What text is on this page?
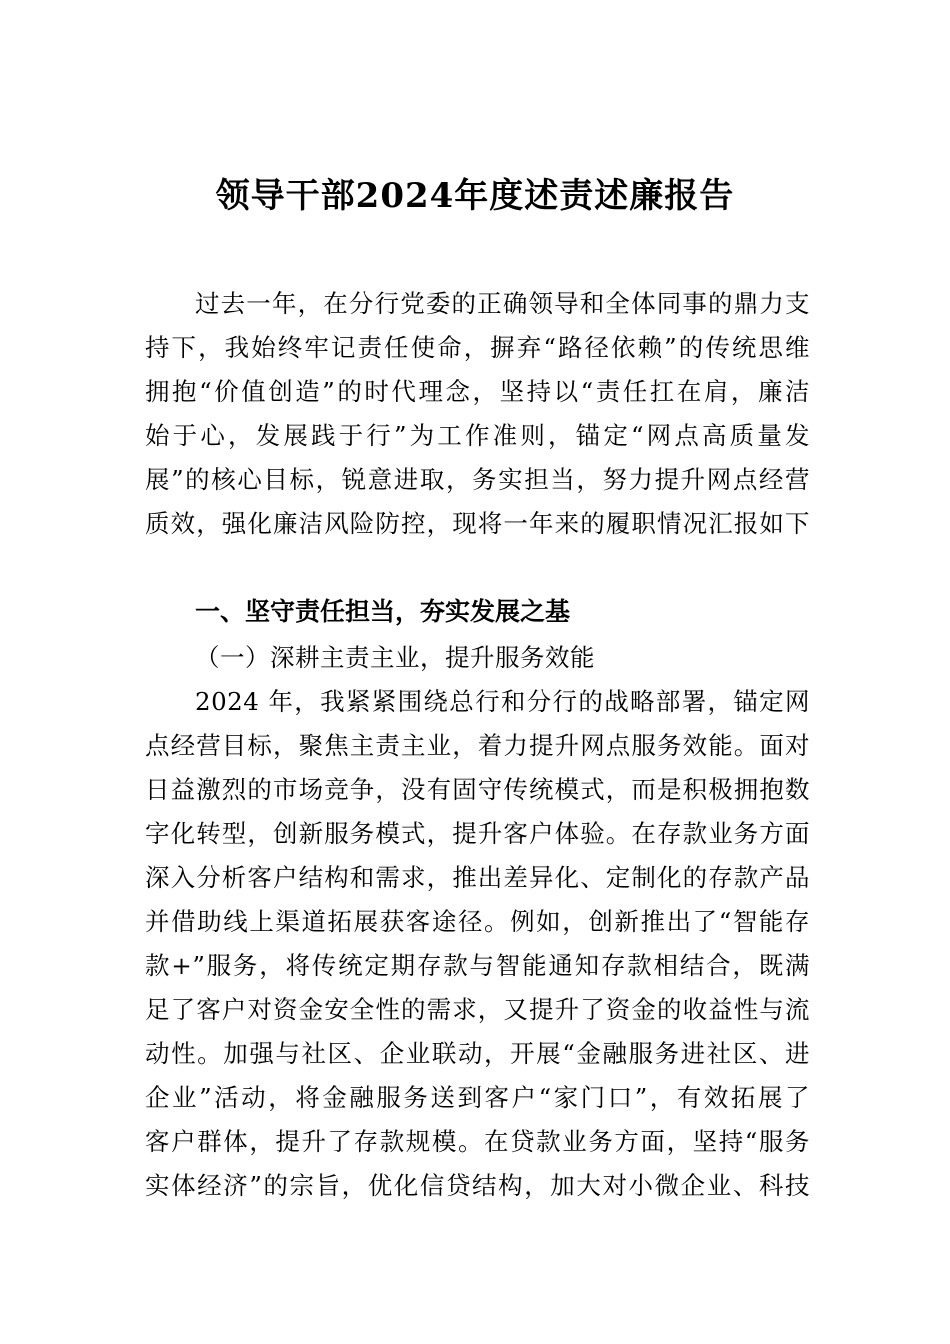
领导干部2024年度述责述廉报告
过去一年，在分行党委的正确领导和全体同事的鼎力支
持下，我始终牢记责任使命，摒弃“路径依赖”的传统思维
拥抱“价值创造”的时代理念，坚持以“责任扛在肩，廉洁
始于心，发展践于行”为工作准则，锚定“网点高质量发
展”的核心目标，锐意进取，务实担当，努力提升网点经营
质效，强化廉洁风险防控，现将一年来的履职情况汇报如下
一、坚守责任担当，夯实发展之基
（一）深耕主责主业，提升服务效能
2024 年，我紧紧围绕总行和分行的战略部署，锚定网
点经营目标，聚焦主责主业，着力提升网点服务效能。面对
日益激烈的市场竞争，没有固守传统模式，而是积极拥抱数
字化转型，创新服务模式，提升客户体验。在存款业务方面
深入分析客户结构和需求，推出差异化、定制化的存款产品
并借助线上渠道拓展获客途径。例如，创新推出了“智能存
款+”服务，将传统定期存款与智能通知存款相结合，既满
足了客户对资金安全性的需求，又提升了资金的收益性与流
动性。加强与社区、企业联动，开展“金融服务进社区、进
企业”活动，将金融服务送到客户“家门口”，有效拓展了
客户群体，提升了存款规模。在贷款业务方面，坚持“服务
实体经济”的宗旨，优化信贷结构，加大对小微企业、科技
